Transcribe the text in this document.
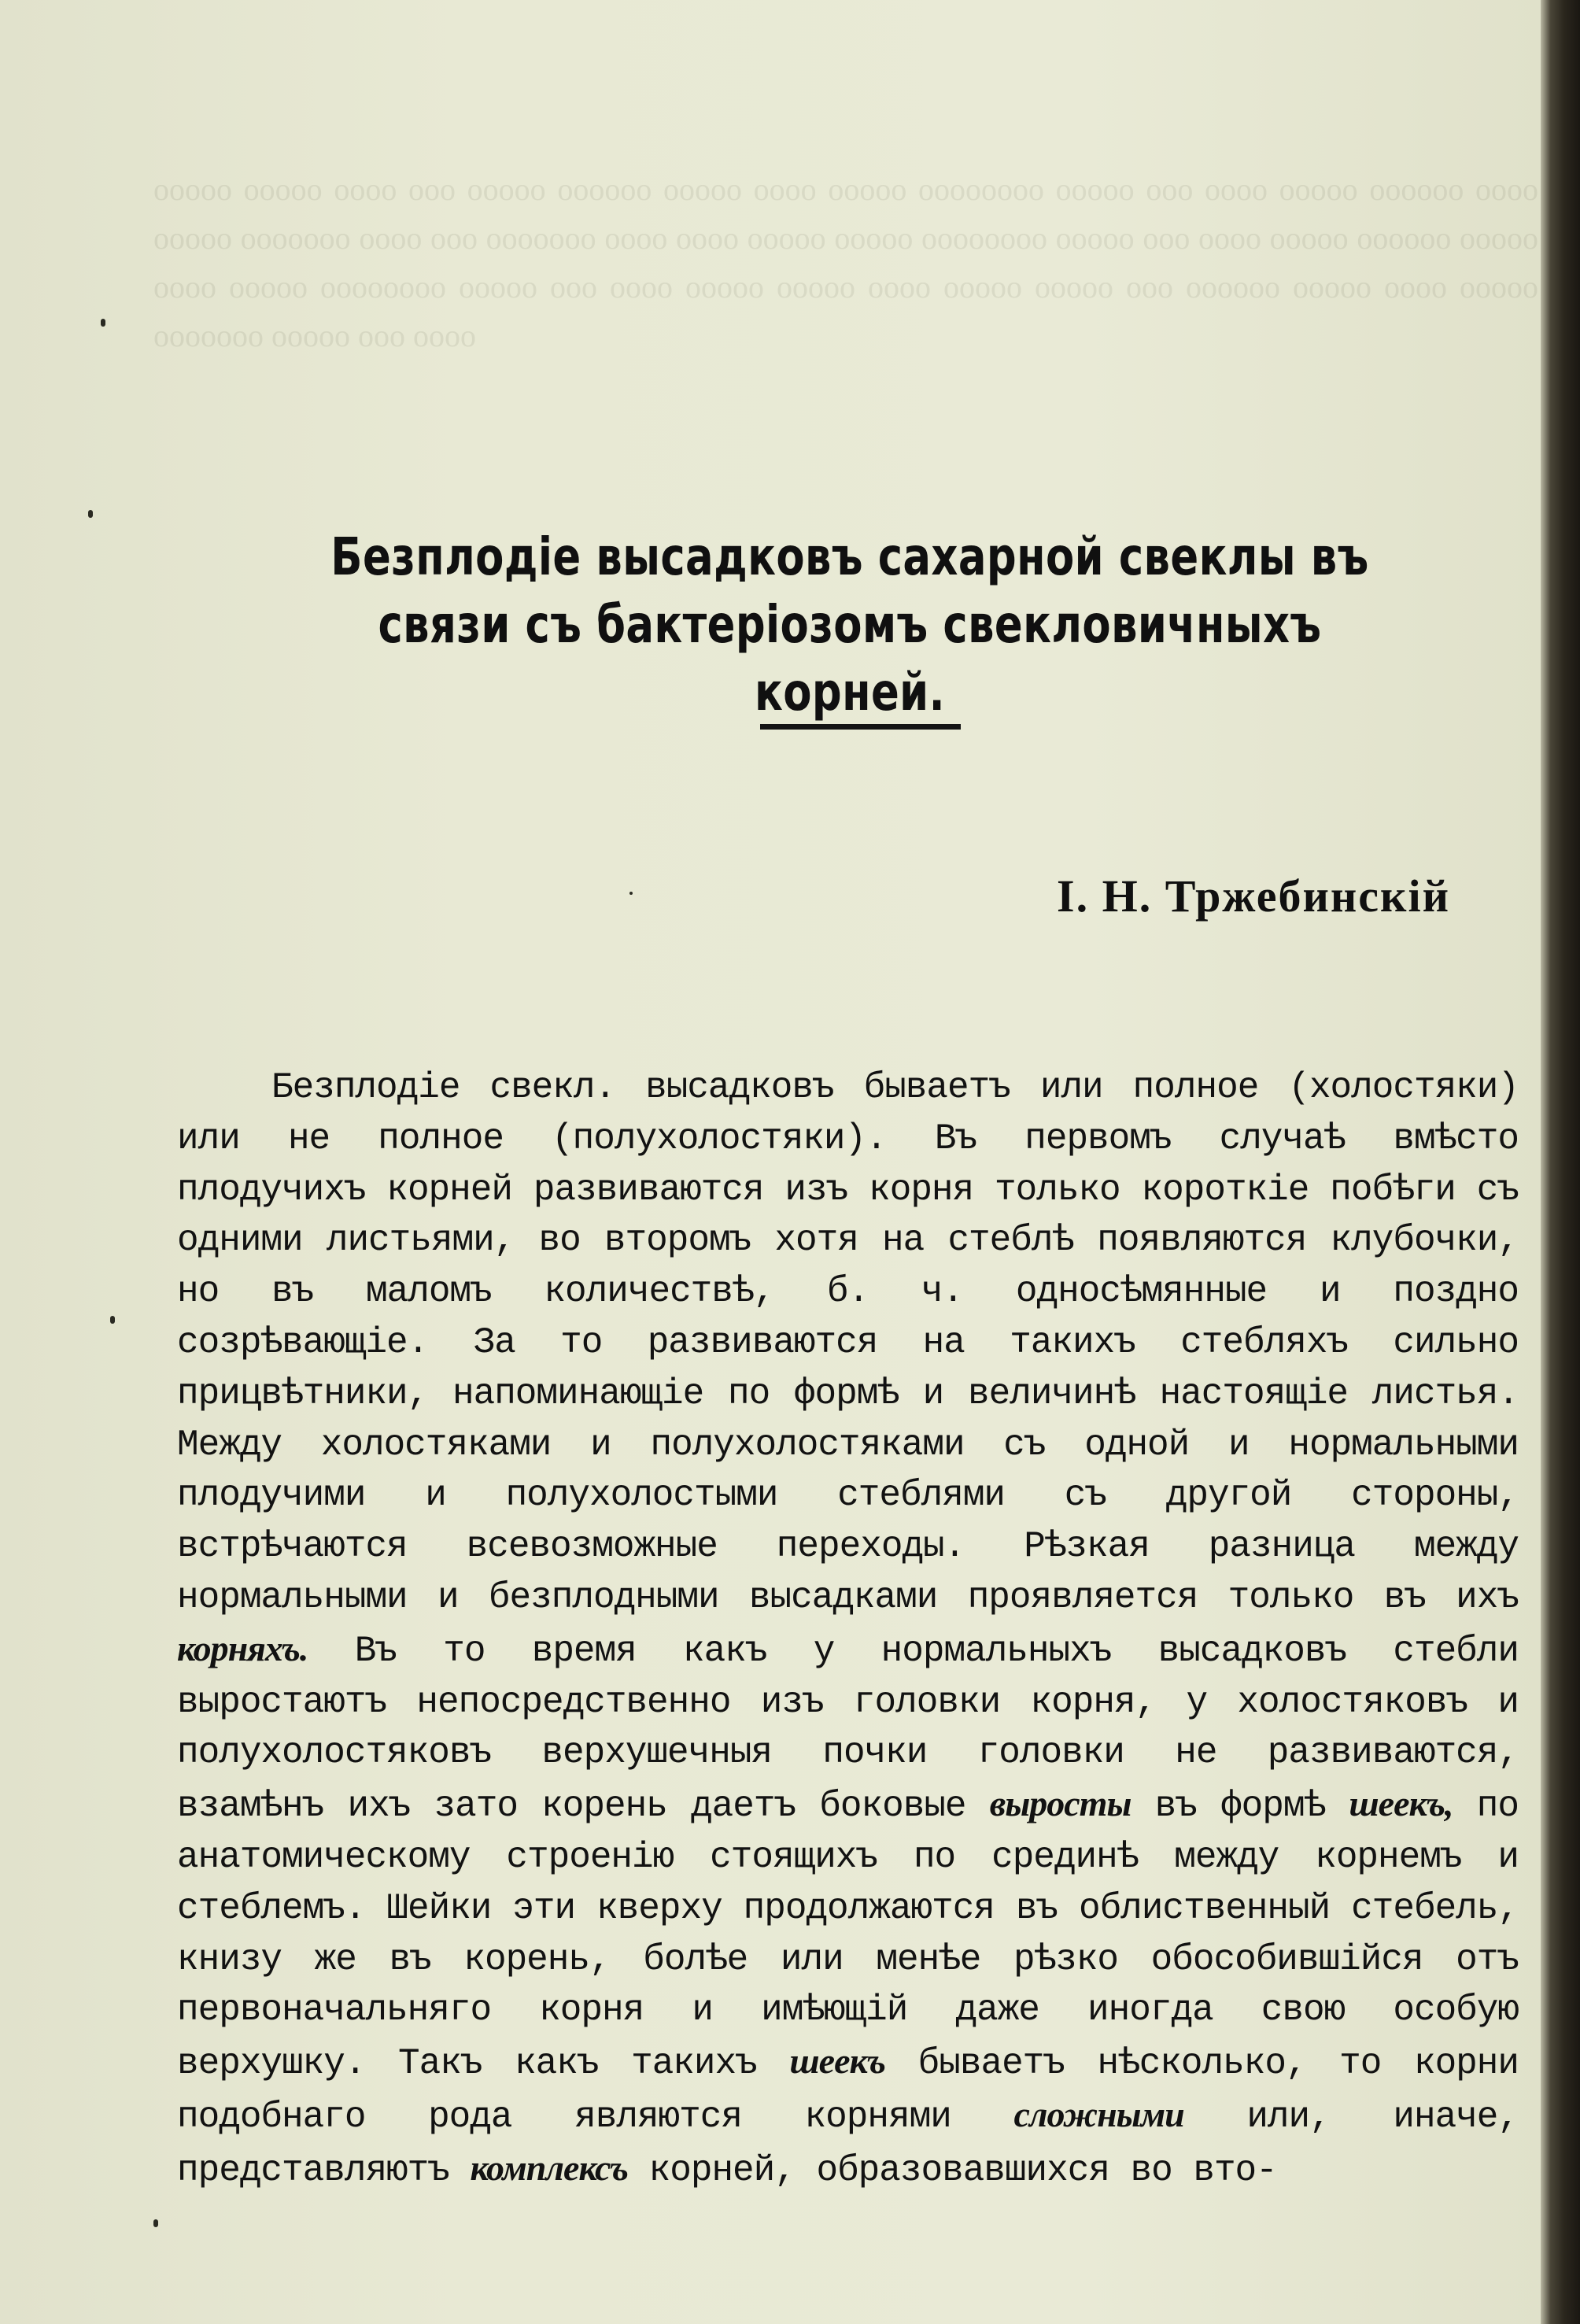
Безплодіе высадковъ сахарной свеклы въ связи съ бактеріозомъ свекловичныхъ корней.

I. Н. Тржебинскій

Безплодіе свекл. высадковъ бываетъ или полное (холостяки) или не полное (полухолостяки). Въ первомъ случаѣ вмѣсто плодучихъ корней развиваются изъ корня только короткіе побѣги съ одними листьями, во второмъ хотя на стеблѣ появляются клубочки, но въ маломъ количествѣ, б. ч. односѣмянные и поздно созрѣвающіе. За то развиваются на такихъ стебляхъ сильно прицвѣтники, напоминающіе по формѣ и величинѣ настоящіе листья. Между холостяками и полухолостяками съ одной и нормальными плодучими и полухолостыми стеблями съ другой стороны, встрѣчаются всевозможные переходы. Рѣзкая разница между нормальными и безплодными высадками проявляется только въ ихъ корняхъ. Въ то время какъ у нормальныхъ высадковъ стебли выростаютъ непосредственно изъ головки корня, у холостяковъ и полухолостяковъ верхушечныя почки головки не развиваются, взамѣнъ ихъ зато корень даетъ боковые выросты въ формѣ шеекъ, по анатомическому строенію стоящихъ по срединѣ между корнемъ и стеблемъ. Шейки эти кверху продолжаются въ облиственный стебель, книзу же въ корень, болѣе или менѣе рѣзко обособившійся отъ первоначальняго корня и имѣющій даже иногда свою особую верхушку. Такъ какъ такихъ шеекъ бываетъ нѣсколько, то корни подобнаго рода являются корнями сложными или, иначе, представляютъ комплексъ корней, образовавшихся во вто-
